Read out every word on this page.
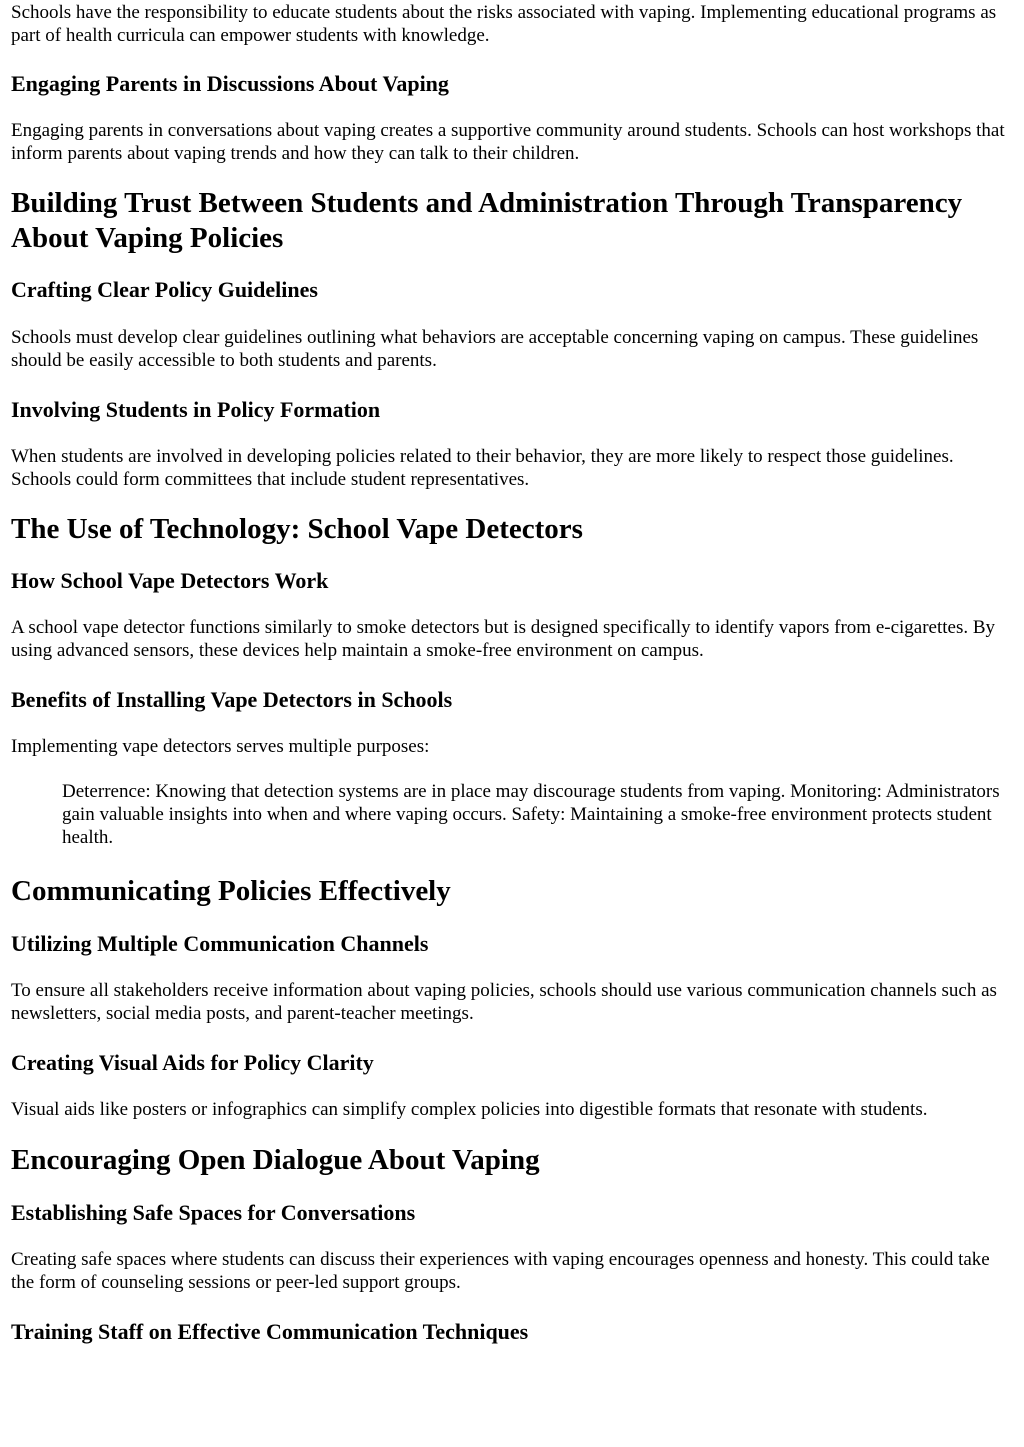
Schools have the responsibility to educate students about the risks associated with vaping. Implementing educational programs as part of health curricula can empower students with knowledge.

Engaging Parents in Discussions About Vaping

Engaging parents in conversations about vaping creates a supportive community around students. Schools can host workshops that inform parents about vaping trends and how they can talk to their children.

Building Trust Between Students and Administration Through Transparency About Vaping Policies
Crafting Clear Policy Guidelines

Schools must develop clear guidelines outlining what behaviors are acceptable concerning vaping on campus. These guidelines should be easily accessible to both students and parents.

Involving Students in Policy Formation

When students are involved in developing policies related to their behavior, they are more likely to respect those guidelines. Schools could form committees that include student representatives.

The Use of Technology: School Vape Detectors
How School Vape Detectors Work

A school vape detector functions similarly to smoke detectors but is designed specifically to identify vapors from e-cigarettes. By using advanced sensors, these devices help maintain a smoke-free environment on campus.

Benefits of Installing Vape Detectors in Schools

Implementing vape detectors serves multiple purposes:

Deterrence: Knowing that detection systems are in place may discourage students from vaping. Monitoring: Administrators gain valuable insights into when and where vaping occurs. Safety: Maintaining a smoke-free environment protects student health.
Communicating Policies Effectively
Utilizing Multiple Communication Channels

To ensure all stakeholders receive information about vaping policies, schools should use various communication channels such as newsletters, social media posts, and parent-teacher meetings.

Creating Visual Aids for Policy Clarity

Visual aids like posters or infographics can simplify complex policies into digestible formats that resonate with students.

Encouraging Open Dialogue About Vaping
Establishing Safe Spaces for Conversations

Creating safe spaces where students can discuss their experiences with vaping encourages openness and honesty. This could take the form of counseling sessions or peer-led support groups.

Training Staff on Effective Communication Techniques
